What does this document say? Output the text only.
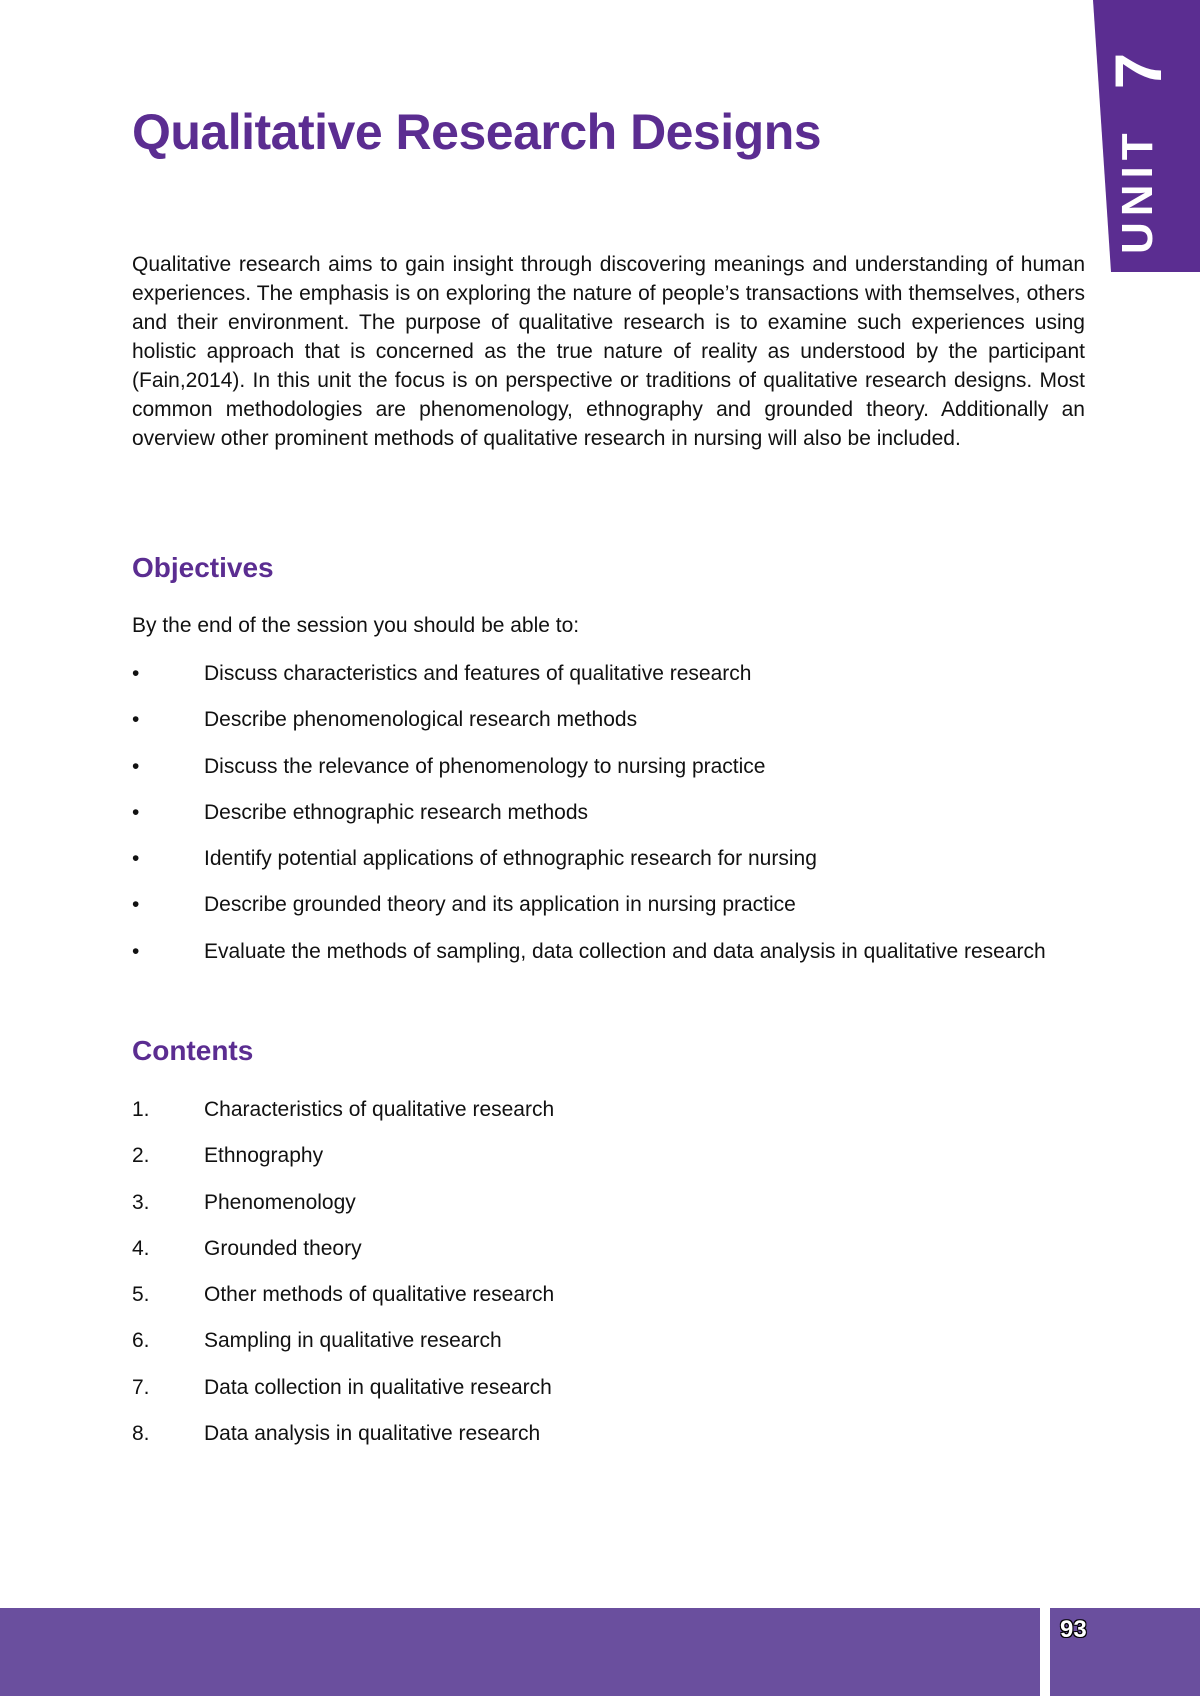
UNIT
7
Qualitative Research Designs

Qualitative research aims to gain insight through discovering meanings and understanding of human experiences. The emphasis is on exploring the nature of people’s transactions with themselves, others and their environment. The purpose of qualitative research is to examine such experiences using holistic approach that is concerned as the true nature of reality as understood by the participant (Fain,2014). In this unit the focus is on perspective or traditions of qualitative research designs. Most common methodologies are phenomenology, ethnography and grounded theory. Additionally an overview other prominent methods of qualitative research in nursing will also be included.

Objectives

By the end of the session you should be able to:

•	Discuss characteristics and features of qualitative research
•	Describe phenomenological research methods
•	Discuss the relevance of phenomenology to nursing practice
•	Describe ethnographic research methods
•	Identify potential applications of ethnographic research for nursing
•	Describe grounded theory and its application in nursing practice
•	Evaluate the methods of sampling, data collection and data analysis in qualitative research
Contents
1.	Characteristics of qualitative research
2.	Ethnography
3.	Phenomenology
4.	Grounded theory
5.	Other methods of qualitative research
6.	Sampling in qualitative research
7.	Data collection in qualitative research
8.	Data analysis in qualitative research
93
